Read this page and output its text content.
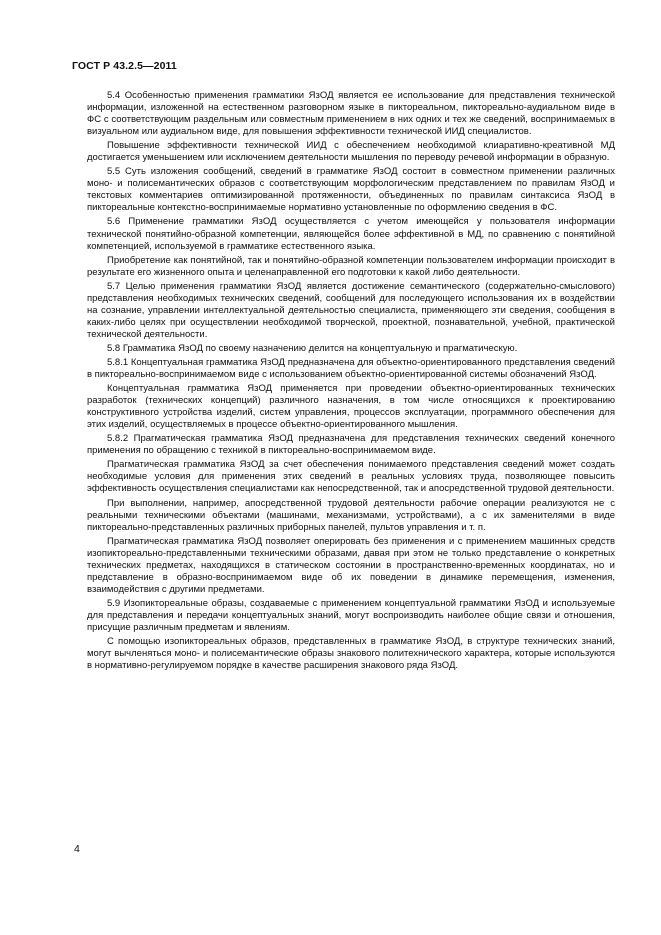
ГОСТ Р 43.2.5—2011

5.4 Особенностью применения грамматики ЯзОД является ее использование для представления технической информации, изложенной на естественном разговорном языке в пиктореальном, пиктореально-аудиальном виде в ФС с соответствующим раздельным или совместным применением в них одних и тех же сведений, воспринимаемых в визуальном или аудиальном виде, для повышения эффективности технической ИИД специалистов.

Повышение эффективности технической ИИД с обеспечением необходимой клиаративно-креативной МД достигается уменьшением или исключением деятельности мышления по переводу речевой информации в образную.

5.5 Суть изложения сообщений, сведений в грамматике ЯзОД состоит в совместном применении различных моно- и полисемантических образов с соответствующим морфологическим представлением по правилам ЯзОД и текстовых комментариев оптимизированной протяженности, объединенных по правилам синтаксиса ЯзОД в пиктореальные контекстно-воспринимаемые нормативно установленные по оформлению сведения в ФС.

5.6 Применение грамматики ЯзОД осуществляется с учетом имеющейся у пользователя информации технической понятийно-образной компетенции, являющейся более эффективной в МД, по сравнению с понятийной компетенцией, используемой в грамматике естественного языка.

Приобретение как понятийной, так и понятийно-образной компетенции пользователем информации происходит в результате его жизненного опыта и целенаправленной его подготовки к какой либо деятельности.

5.7 Целью применения грамматики ЯзОД является достижение семантического (содержательно-смыслового) представления необходимых технических сведений, сообщений для последующего использования их в воздействии на сознание, управлении интеллектуальной деятельностью специалиста, применяющего эти сведения, сообщения в каких-либо целях при осуществлении необходимой творческой, проектной, познавательной, учебной, практической технической деятельности.

5.8 Грамматика ЯзОД по своему назначению делится на концептуальную и прагматическую.

5.8.1 Концептуальная грамматика ЯзОД предназначена для объектно-ориентированного представления сведений в пиктореально-воспринимаемом виде с использованием объектно-ориентированной системы обозначений ЯзОД.

Концептуальная грамматика ЯзОД применяется при проведении объектно-ориентированных технических разработок (технических концепций) различного назначения, в том числе относящихся к проектированию конструктивного устройства изделий, систем управления, процессов эксплуатации, программного обеспечения для этих изделий, осуществляемых в процессе объектно-ориентированного мышления.

5.8.2 Прагматическая грамматика ЯзОД предназначена для представления технических сведений конечного применения по обращению с техникой в пиктореально-воспринимаемом виде.

Прагматическая грамматика ЯзОД за счет обеспечения понимаемого представления сведений может создать необходимые условия для применения этих сведений в реальных условиях труда, позволяющее повысить эффективность осуществления специалистами как непосредственной, так и апосредственной трудовой деятельности.

При выполнении, например, апосредственной трудовой деятельности рабочие операции реализуются не с реальными техническими объектами (машинами, механизмами, устройствами), а с их заменителями в виде пиктореально-представленных различных приборных панелей, пультов управления и т. п.

Прагматическая грамматика ЯзОД позволяет оперировать без применения и с применением машинных средств изопиктореально-представленными техническими образами, давая при этом не только представление о конкретных технических предметах, находящихся в статическом состоянии в пространственно-временных координатах, но и представление в образно-воспринимаемом виде об их поведении в динамике перемещения, изменения, взаимодействия с другими предметами.

5.9 Изопиктореальные образы, создаваемые с применением концептуальной грамматики ЯзОД и используемые для представления и передачи концептуальных знаний, могут воспроизводить наиболее общие связи и отношения, присущие различным предметам и явлениям.

С помощью изопиктореальных образов, представленных в грамматике ЯзОД, в структуре технических знаний, могут вычленяться моно- и полисемантические образы знакового политехнического характера, которые используются в нормативно-регулируемом порядке в качестве расширения знакового ряда ЯзОД.

4
